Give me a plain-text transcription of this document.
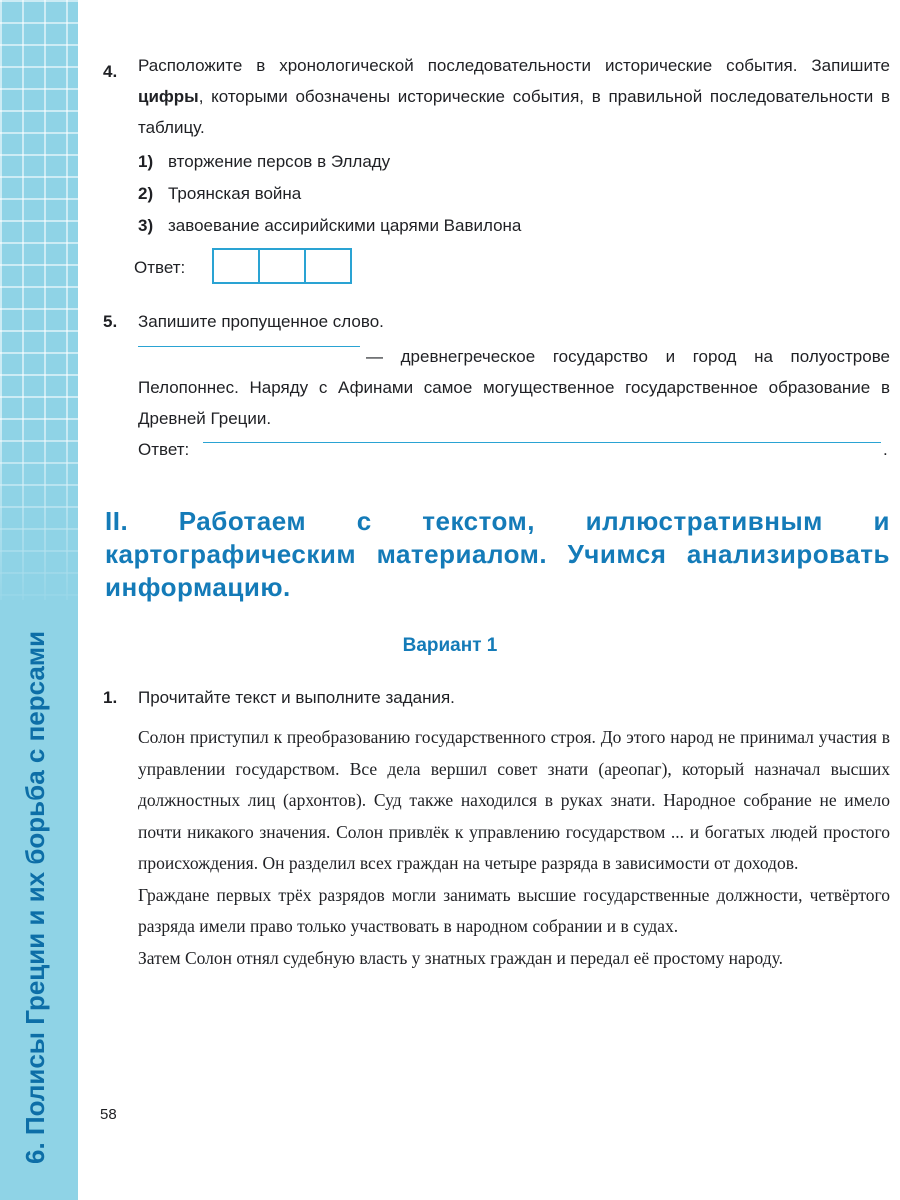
6. Полисы Греции и их борьба с персами
4. Расположите в хронологической последовательности исторические события. Запишите цифры, которыми обозначены исторические события, в правильной последовательности в таблицу.
1) вторжение персов в Элладу
2) Троянская война
3) завоевание ассирийскими царями Вавилона
Ответ:
5. Запишите пропущенное слово.
— древнегреческое государство и город на полуострове Пелопоннес. Наряду с Афинами самое могущественное государственное образование в Древней Греции.
Ответ:	.
II. Работаем с текстом, иллюстративным и картографическим материалом. Учимся анализировать информацию.
Вариант 1
1. Прочитайте текст и выполните задания.

Солон приступил к преобразованию государственного строя. До этого народ не принимал участия в управлении государством. Все дела вершил совет знати (ареопаг), который назначал высших должностных лиц (архонтов). Суд также находился в руках знати. Народное собрание не имело почти никакого значения. Солон привлёк к управлению государством ... и богатых людей простого происхождения. Он разделил всех граждан на четыре разряда в зависимости от доходов.

Граждане первых трёх разрядов могли занимать высшие государственные должности, четвёртого разряда имели право только участвовать в народном собрании и в судах.

Затем Солон отнял судебную власть у знатных граждан и передал её простому народу.

58
